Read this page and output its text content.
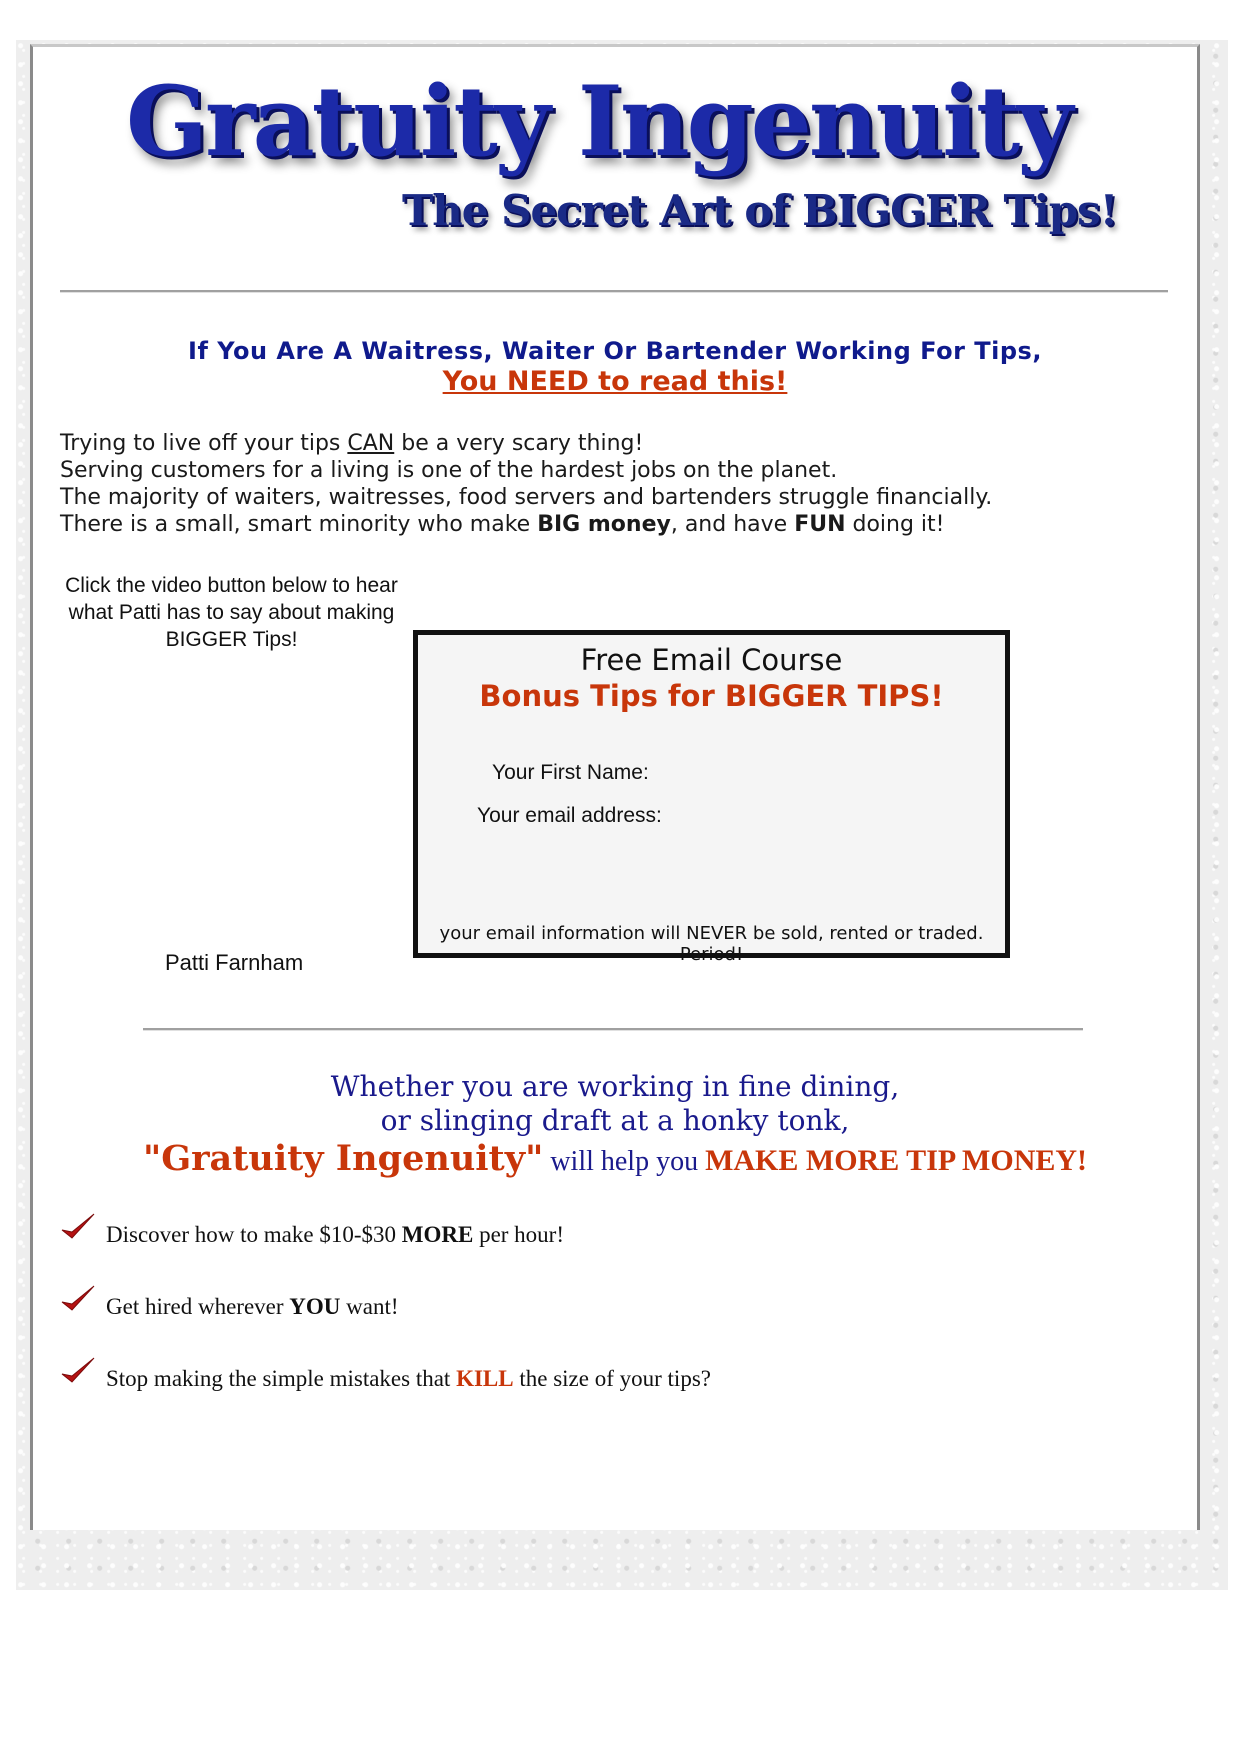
Gratuity Ingenuity
The Secret Art of BIGGER Tips!
If You Are A Waitress, Waiter Or Bartender Working For Tips,
You NEED to read this!
Trying to live off your tips CAN be a very scary thing!
Serving customers for a living is one of the hardest jobs on the planet.
The majority of waiters, waitresses, food servers and bartenders struggle financially.
There is a small, smart minority who make BIG money, and have FUN doing it!
Click the video button below to hear what Patti has to say about making BIGGER Tips!
Patti Farnham
Free Email Course
Bonus Tips for BIGGER TIPS!
Your First Name:
Your email address:
your email information will NEVER be sold, rented or traded. Period!
Whether you are working in fine dining,
or slinging draft at a honky tonk,
"Gratuity Ingenuity" will help you MAKE MORE TIP MONEY!
Discover how to make $10-$30 MORE per hour!
Get hired wherever YOU want!
Stop making the simple mistakes that KILL the size of your tips?
